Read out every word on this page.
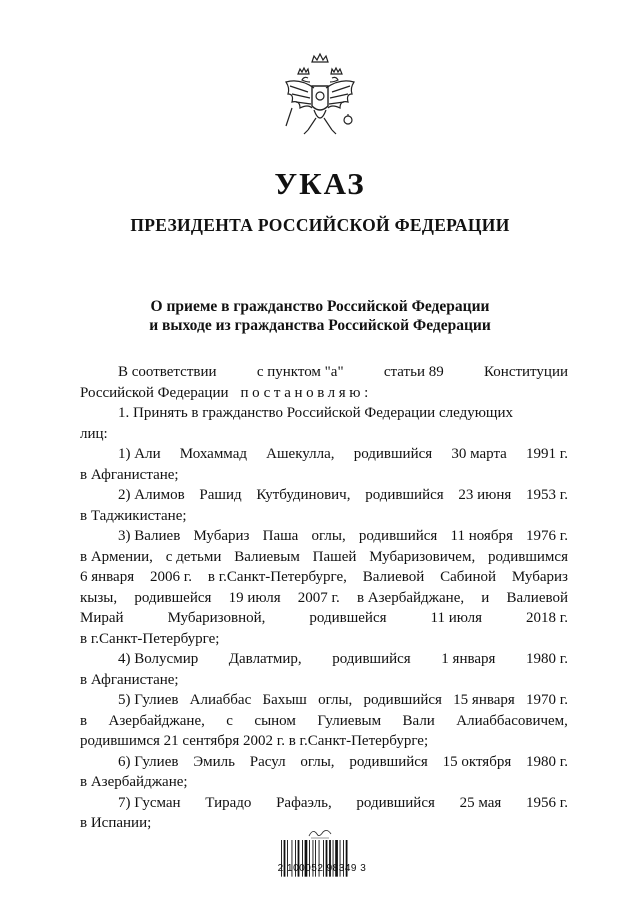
УКАЗ
ПРЕЗИДЕНТА РОССИЙСКОЙ ФЕДЕРАЦИИ
О приеме в гражданство Российской Федерации
и выходе из гражданства Российской Федерации
В соответствии	с пунктом "а"	статьи 89	Конституции
Российской Федерации постановляю:
1. Принять в гражданство Российской Федерации следующих
лиц:
1) Али Мохаммад Ашекулла, родившийся 30 марта 1991 г.
в Афганистане;
2) Алимов Рашид Кутбудинович, родившийся 23 июня 1953 г.
в Таджикистане;
3) Валиев Мубариз Паша оглы, родившийся 11 ноября 1976 г.
в Армении, с детьми Валиевым Пашей Мубаризовичем, родившимся
6 января 2006 г. в г.Санкт-Петербурге, Валиевой Сабиной Мубариз
кызы, родившейся 19 июля 2007 г. в Азербайджане, и Валиевой
Мирай	Мубаризовной,	родившейся	11 июля	2018 г.
в г.Санкт-Петербурге;
4) Волусмир Давлатмир, родившийся 1 января 1980 г.
в Афганистане;
5) Гулиев Алиаббас Бахыш оглы, родившийся 15 января 1970 г.
в Азербайджане, с сыном Гулиевым Вали Алиаббасовичем,
родившимся 21 сентября 2002 г. в г.Санкт-Петербурге;
6) Гулиев Эмиль Расул оглы, родившийся 15 октября 1980 г.
в Азербайджане;
7) Гусман Тирадо Рафаэль, родившийся 25 мая 1956 г.
в Испании;
2 100052 98349 3
